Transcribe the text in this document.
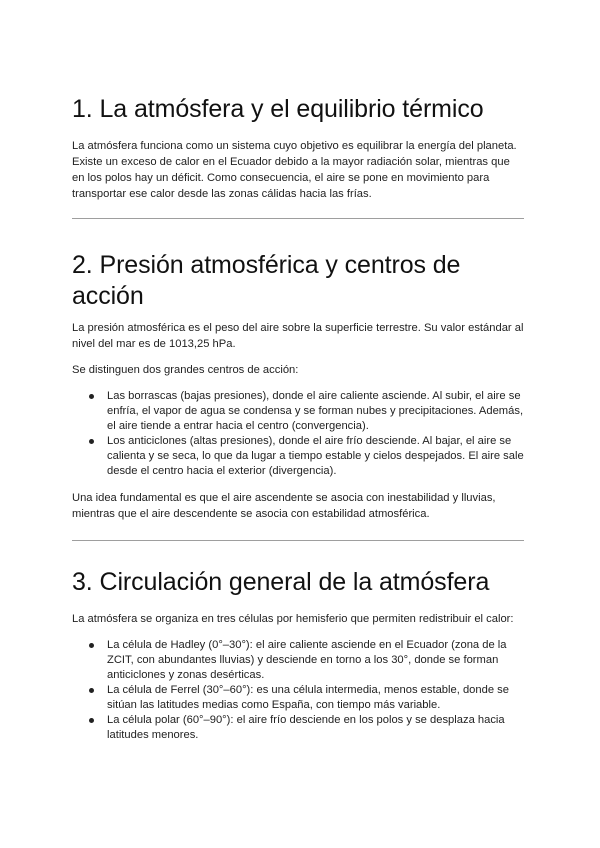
1. La atmósfera y el equilibrio térmico

La atmósfera funciona como un sistema cuyo objetivo es equilibrar la energía del planeta. Existe un exceso de calor en el Ecuador debido a la mayor radiación solar, mientras que en los polos hay un déficit. Como consecuencia, el aire se pone en movimiento para transportar ese calor desde las zonas cálidas hacia las frías.

2. Presión atmosférica y centros de acción

La presión atmosférica es el peso del aire sobre la superficie terrestre. Su valor estándar al nivel del mar es de 1013,25 hPa.

Se distinguen dos grandes centros de acción:

Las borrascas (bajas presiones), donde el aire caliente asciende. Al subir, el aire se enfría, el vapor de agua se condensa y se forman nubes y precipitaciones. Además, el aire tiende a entrar hacia el centro (convergencia).
Los anticiclones (altas presiones), donde el aire frío desciende. Al bajar, el aire se calienta y se seca, lo que da lugar a tiempo estable y cielos despejados. El aire sale desde el centro hacia el exterior (divergencia).

Una idea fundamental es que el aire ascendente se asocia con inestabilidad y lluvias, mientras que el aire descendente se asocia con estabilidad atmosférica.

3. Circulación general de la atmósfera

La atmósfera se organiza en tres células por hemisferio que permiten redistribuir el calor:

La célula de Hadley (0°–30°): el aire caliente asciende en el Ecuador (zona de la ZCIT, con abundantes lluvias) y desciende en torno a los 30°, donde se forman anticiclones y zonas desérticas.
La célula de Ferrel (30°–60°): es una célula intermedia, menos estable, donde se sitúan las latitudes medias como España, con tiempo más variable.
La célula polar (60°–90°): el aire frío desciende en los polos y se desplaza hacia latitudes menores.
